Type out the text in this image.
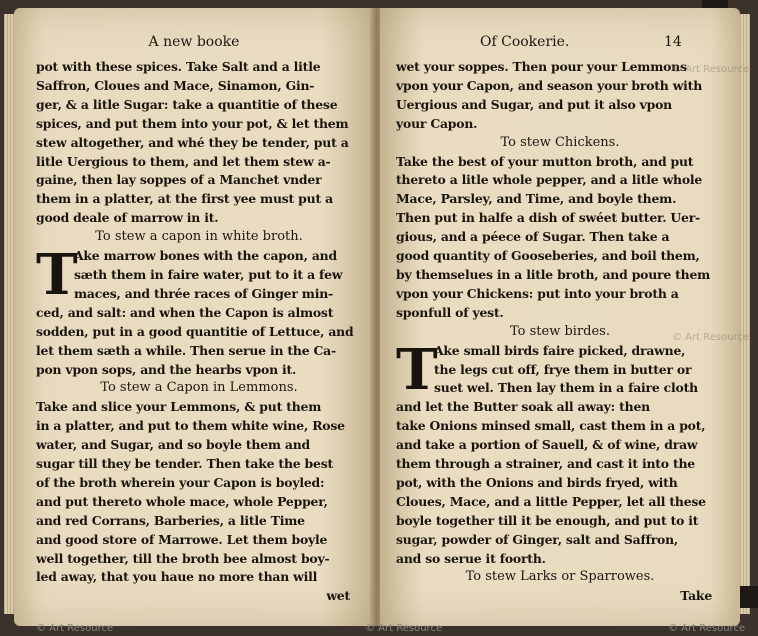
A new booke
pot with these spices. Take Salt and a litle
Saffron, Cloues and Mace, Sinamon, Gin-
ger, & a litle Sugar: take a quantitie of these
spices, and put them into your pot, & let them
stew altogether, and whé they be tender, put a
litle Uergious to them, and let them stew a-
gaine, then lay soppes of a Manchet vnder
them in a platter, at the first yee must put a
good deale of marrow in it.
To stew a capon in white broth.
T
Ake marrow bones with the capon, and
sæth them in faire water, put to it a few
maces, and thrée races of Ginger min-
ced, and salt: and when the Capon is almost
sodden, put in a good quantitie of Lettuce, and
let them sæth a while. Then serue in the Ca-
pon vpon sops, and the hearbs vpon it.
To stew a Capon in Lemmons.
Take and slice your Lemmons, & put them
in a platter, and put to them white wine, Rose
water, and Sugar, and so boyle them and
sugar till they be tender. Then take the best
of the broth wherein your Capon is boyled:
and put thereto whole mace, whole Pepper,
and red Corrans, Barberies, a litle Time
and good store of Marrowe. Let them boyle
well together, till the broth bee almost boy-
led away, that you haue no more than will
wet
Of Cookerie.	14
wet your soppes. Then pour your Lemmons
vpon your Capon, and season your broth with
Uergious and Sugar, and put it also vpon
your Capon.
To stew Chickens.
Take the best of your mutton broth, and put
thereto a litle whole pepper, and a litle whole
Mace, Parsley, and Time, and boyle them.
Then put in halfe a dish of swéet butter. Uer-
gious, and a péece of Sugar. Then take a
good quantity of Gooseberies, and boil them,
by themselues in a litle broth, and poure them
vpon your Chickens: put into your broth a
sponfull of yest.
To stew birdes.
T
Ake small birds faire picked, drawne,
the legs cut off, frye them in butter or
suet wel. Then lay them in a faire cloth
and let the Butter soak all away: then
take Onions minsed small, cast them in a pot,
and take a portion of Sauell, & of wine, draw
them through a strainer, and cast it into the
pot, with the Onions and birds fryed, with
Cloues, Mace, and a little Pepper, let all these
boyle together till it be enough, and put to it
sugar, powder of Ginger, salt and Saffron,
and so serue it foorth.
To stew Larks or Sparrowes.
Take
© Art Resource	© Art Resource	© Art Resource
© Art Resource
© Art Resource
